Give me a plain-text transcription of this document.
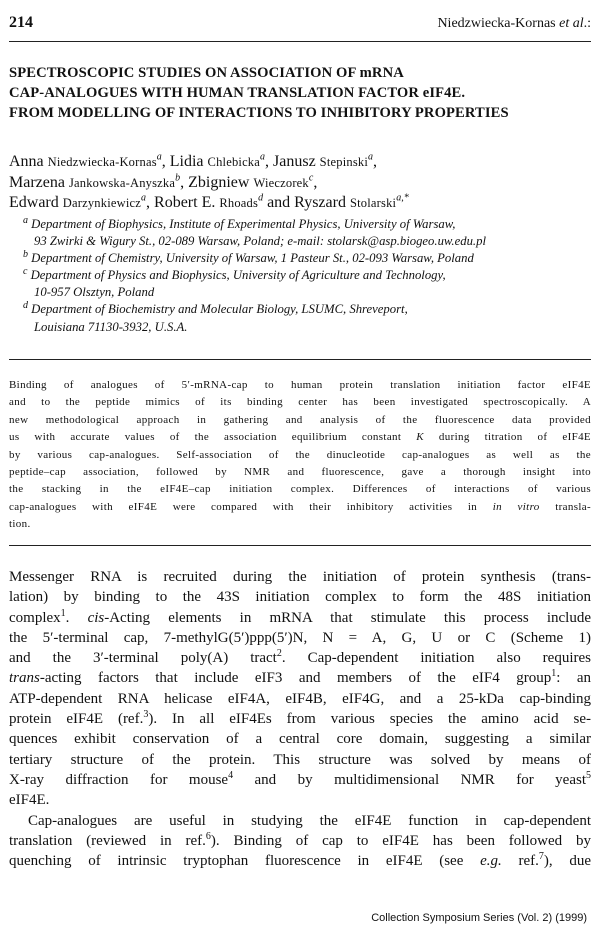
214	Niedzwiecka-Kornas et al.:
SPECTROSCOPIC STUDIES ON ASSOCIATION OF mRNA
CAP-ANALOGUES WITH HUMAN TRANSLATION FACTOR eIF4E.
FROM MODELLING OF INTERACTIONS TO INHIBITORY PROPERTIES
Anna Niedzwiecka-Kornas$^a$, Lidia Chlebicka$^a$, Janusz Stepinski$^a$,
Marzena Jankowska-Anyszka$^b$, Zbigniew Wieczorek$^c$,
Edward Darzynkiewicz$^a$, Robert E. Rhoads$^d$ and Ryszard Stolarski$^{a,*}$
$^a$ Department of Biophysics, Institute of Experimental Physics, University of Warsaw,
93 Zwirki & Wigury St., 02-089 Warsaw, Poland; e-mail: stolarsk@asp.biogeo.uw.edu.pl
$^b$ Department of Chemistry, University of Warsaw, 1 Pasteur St., 02-093 Warsaw, Poland
$^c$ Department of Physics and Biophysics, University of Agriculture and Technology,
10-957 Olsztyn, Poland
$^d$ Department of Biochemistry and Molecular Biology, LSUMC, Shreveport,
Louisiana 71130-3932, U.S.A.
Binding of analogues of 5′-mRNA-cap to human protein translation initiation factor eIF4E
and to the peptide mimics of its binding center has been investigated spectroscopically. A
new methodological approach in gathering and analysis of the fluorescence data provided
us with accurate values of the association equilibrium constant K during titration of eIF4E
by various cap-analogues. Self-association of the dinucleotide cap-analogues as well as the
peptide–cap association, followed by NMR and fluorescence, gave a thorough insight into
the stacking in the eIF4E–cap initiation complex. Differences of interactions of various
cap-analogues with eIF4E were compared with their inhibitory activities in in vitro transla-
tion.
Messenger RNA is recruited during the initiation of protein synthesis (trans-
lation) by binding to the 43S initiation complex to form the 48S initiation
complex$^1$. cis-Acting elements in mRNA that stimulate this process include
the 5′-terminal cap, 7-methylG(5′)ppp(5′)N, N = A, G, U or C (Scheme 1)
and the 3′-terminal poly(A) tract$^2$. Cap-dependent initiation also requires
trans-acting factors that include eIF3 and members of the eIF4 group$^1$: an
ATP-dependent RNA helicase eIF4A, eIF4B, eIF4G, and a 25-kDa cap-binding
protein eIF4E (ref.$^3$). In all eIF4Es from various species the amino acid se-
quences exhibit conservation of a central core domain, suggesting a similar
tertiary structure of the protein. This structure was solved by means of
X-ray diffraction for mouse$^4$ and by multidimensional NMR for yeast$^5$
eIF4E.
Cap-analogues are useful in studying the eIF4E function in cap-dependent
translation (reviewed in ref.$^6$). Binding of cap to eIF4E has been followed by
quenching of intrinsic tryptophan fluorescence in eIF4E (see e.g. ref.$^7$), due
Collection Symposium Series (Vol. 2) (1999)
